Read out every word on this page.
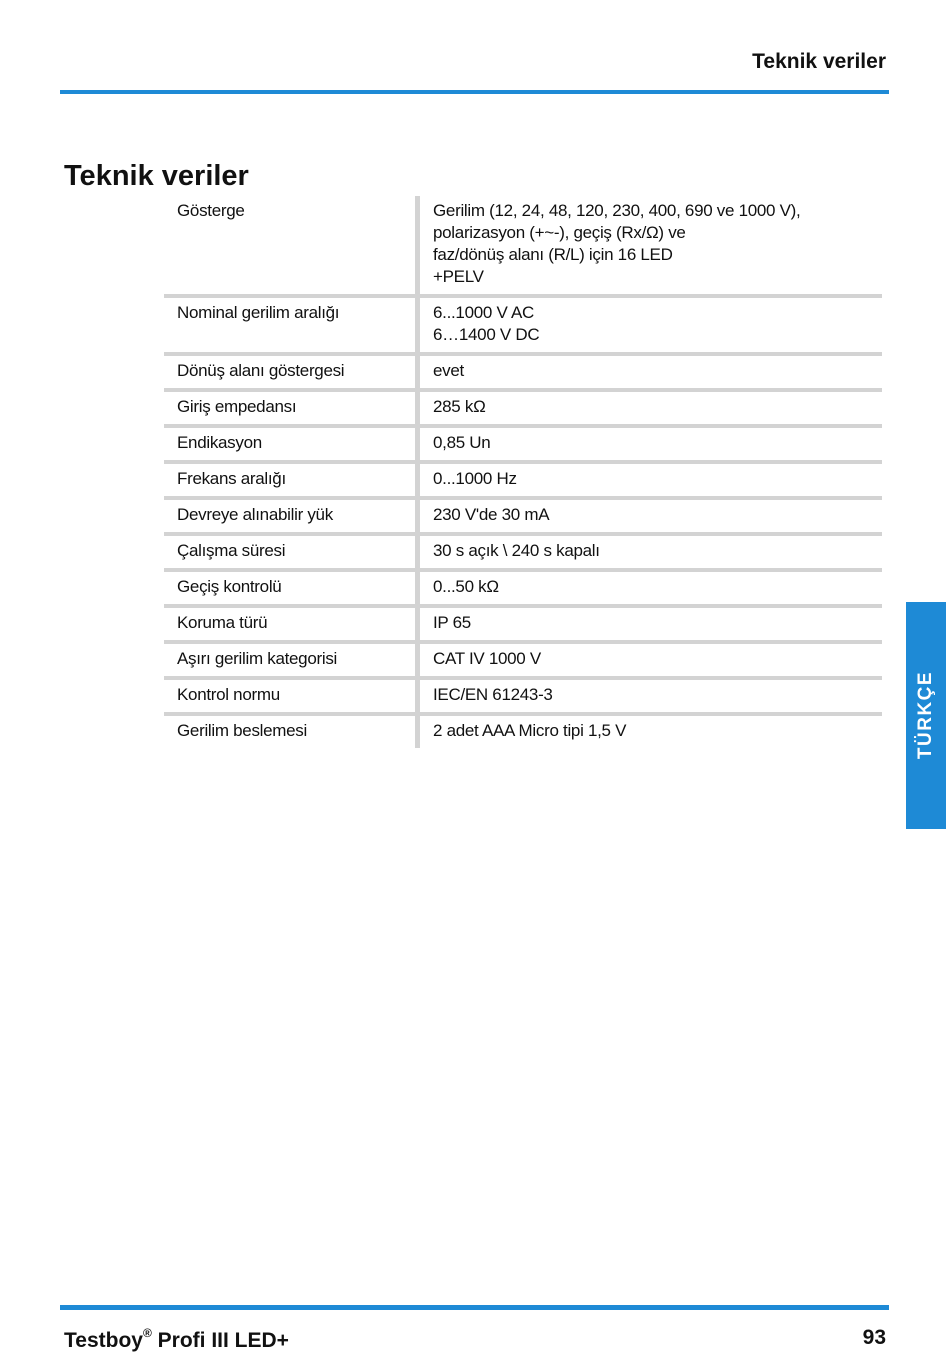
Teknik veriler
Teknik veriler
Gösterge	Gerilim (12, 24, 48, 120, 230, 400, 690 ve 1000 V),
polarizasyon (+~-), geçiş (Rx/Ω) ve
faz/dönüş alanı (R/L) için 16 LED
+PELV
Nominal gerilim aralığı	6...1000 V AC
6…1400 V DC
Dönüş alanı göstergesi	evet
Giriş empedansı	285 kΩ
Endikasyon	0,85 Un
Frekans aralığı	0...1000 Hz
Devreye alınabilir yük	230 V'de 30 mA
Çalışma süresi	30 s açık \ 240 s kapalı
Geçiş kontrolü	0...50 kΩ
Koruma türü	IP 65
Aşırı gerilim kategorisi	CAT IV 1000 V
Kontrol normu	IEC/EN 61243-3
Gerilim beslemesi	2 adet AAA Micro tipi 1,5 V	TÜRKÇE
Testboy® Profi III LED+	93
